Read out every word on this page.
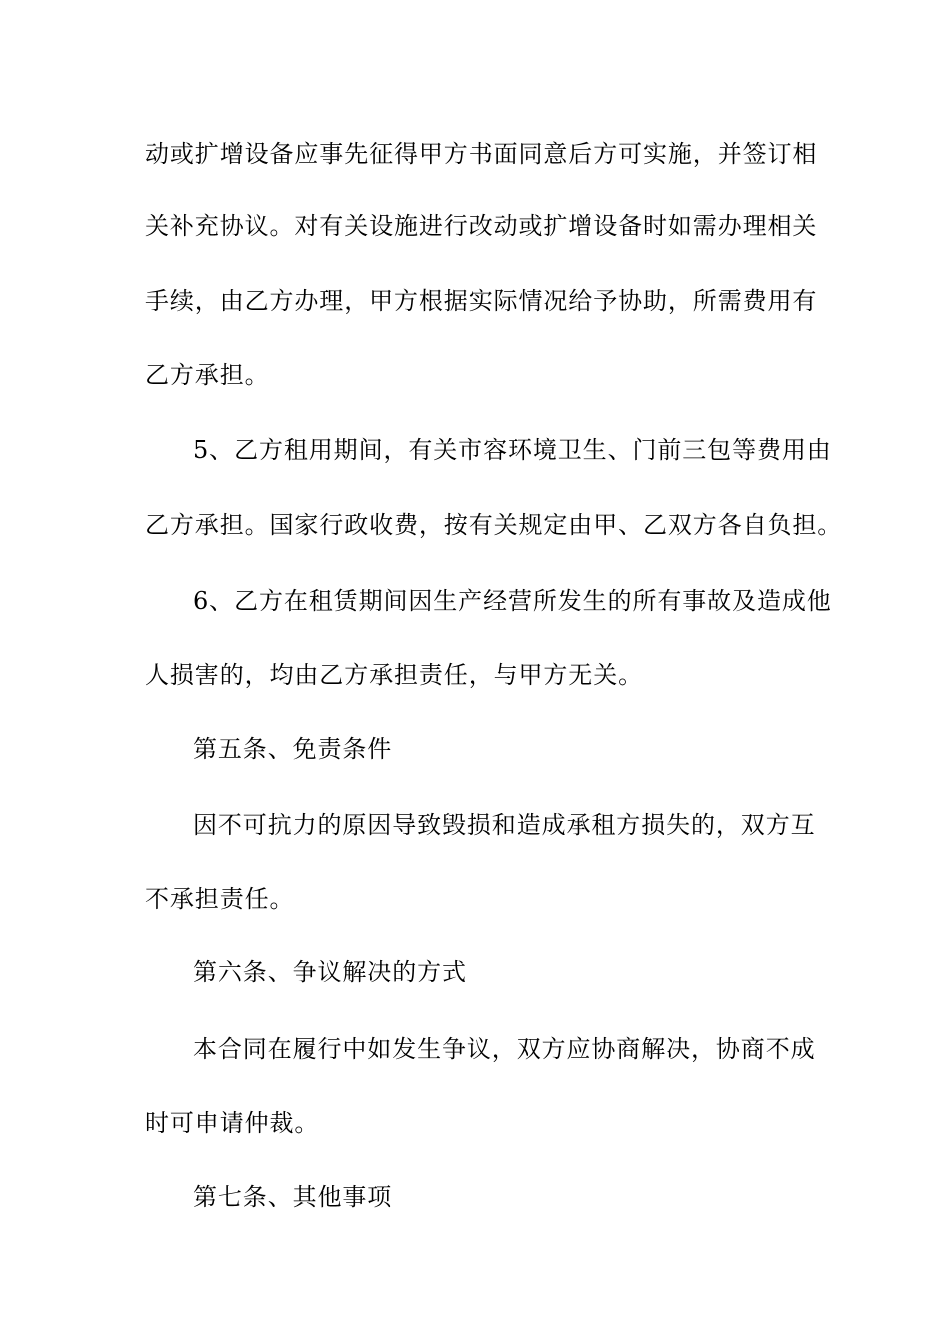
动或扩增设备应事先征得甲方书面同意后方可实施，并签订相
关补充协议。对有关设施进行改动或扩增设备时如需办理相关
手续，由乙方办理，甲方根据实际情况给予协助，所需费用有
乙方承担。
5、乙方租用期间，有关市容环境卫生、门前三包等费用由
乙方承担。国家行政收费，按有关规定由甲、乙双方各自负担。
6、乙方在租赁期间因生产经营所发生的所有事故及造成他
人损害的，均由乙方承担责任，与甲方无关。
第五条、免责条件
因不可抗力的原因导致毁损和造成承租方损失的，双方互
不承担责任。
第六条、争议解决的方式
本合同在履行中如发生争议，双方应协商解决，协商不成
时可申请仲裁。
第七条、其他事项
